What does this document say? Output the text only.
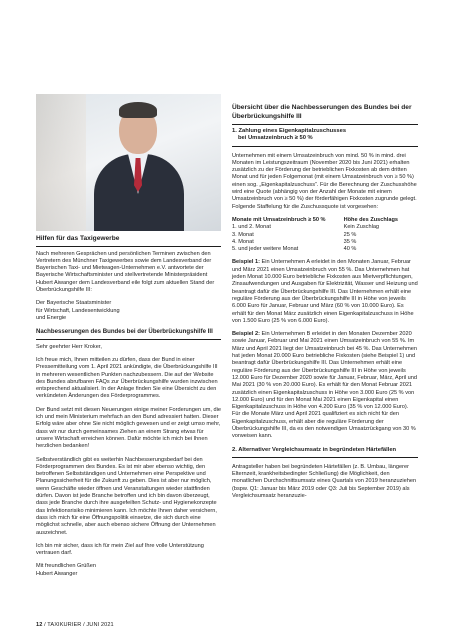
Hilfen für das Taxigewerbe

Nach mehreren Gesprächen und persönlichen Terminen zwischen den Vertretern des Münchner Taxigewerbes sowie dem Landesverband der Bayerischen Taxi- und Mietwagen-Unternehmen e.V. antwortete der Bayerische Wirtschaftsminister und stellvertretende Ministerpräsident Hubert Aiwanger dem Landesverband eile folgt zum aktuellen Stand der Überbrückungshilfe III:

Der Bayerische Staatsminister
für Wirtschaft, Landesentwicklung
und Energie

Nachbesserungen des Bundes bei der Überbrückungshilfe III

Sehr geehrter Herr Kroker,

Ich freue mich, Ihnen mitteilen zu dürfen, dass der Bund in einer Pressemitteilung vom 1. April 2021 ankündigte, die Überbrückungshilfe III in mehreren wesentlichen Punkten nachzubessern. Die auf der Website des Bundes abrufbaren FAQs zur Überbrückungshilfe wurden inzwischen entsprechend aktualisiert. In der Anlage finden Sie eine Übersicht zu den verkündeten Änderungen des Förderprogrammes.

Der Bund setzt mit diesen Neuerungen einige meiner Forderungen um, die ich und mein Ministerium mehrfach an den Bund adressiert hatten. Dieser Erfolg wäre aber ohne Sie nicht möglich gewesen und er zeigt umso mehr, dass wir nur durch gemeinsames Ziehen an einem Strang etwas für unsere Wirtschaft erreichen können. Dafür möchte ich mich bei Ihnen herzlichen bedanken!

Selbstverständlich gibt es weiterhin Nachbesserungsbedarf bei den Förderprogrammen des Bundes. Es ist mir aber ebenso wichtig, den betroffenen Selbstständigen und Unternehmen eine Perspektive und Planungssicherheit für die Zukunft zu geben. Dies ist aber nur möglich, wenn Geschäfte wieder öffnen und Veranstaltungen wieder stattfinden dürfen. Davon ist jede Branche betroffen und ich bin davon überzeugt, dass jede Branche durch ihre ausgefeilten Schutz- und Hygienekonzepte das Infektionsrisiko minimieren kann. Ich möchte Ihnen daher versichern, dass ich mich für eine Öffnungspolitik einsetze, die sich durch eine möglichst schnelle, aber auch ebenso sichere Öffnung der Unternehmen auszeichnet.

Ich bin mir sicher, dass ich für mein Ziel auf Ihre volle Unterstützung vertrauen darf.

Mit freundlichen Grüßen
Hubert Aiwanger

Übersicht über die Nachbesserungen des Bundes bei der Überbrückungshilfe III
1. Zahlung eines Eigenkapitalzuschusses
bei Umsatzeinbruch ≥ 50 %

Unternehmen mit einem Umsatzeinbruch von mind. 50 % in mind. drei Monaten im Leistungszeitraum (November 2020 bis Juni 2021) erhalten zusätzlich zu der Förderung der betrieblichen Fixkosten ab dem dritten Monat und für jeden Folgemonat (mit einem Umsatzeinbruch von ≥ 50 %) einen sog. „Eigenkapitalzuschuss“. Für die Berechnung der Zuschusshöhe wird eine Quote (abhängig von der Anzahl der Monate mit einem Umsatzeinbruch von ≥ 50 %) der förderfähigen Fixkosten zugrunde gelegt. Folgende Staffelung für die Zuschussquote ist vorgesehen:

Monate mit Umsatzeinbruch ≥ 50 %	Höhe des Zuschlags
1. und 2. Monat	Kein Zuschlag
3. Monat	25 %
4. Monat	35 %
5. und jeder weitere Monat	40 %

Beispiel 1: Ein Unternehmen A erleidet in den Monaten Januar, Februar und März 2021 einen Umsatzeinbruch von 55 %. Das Unternehmen hat jeden Monat 10.000 Euro betriebliche Fixkosten aus Mietverpflichtungen, Zinsaufwendungen und Ausgaben für Elektrizität, Wasser und Heizung und beantragt dafür die Überbrückungshilfe III. Das Unternehmen erhält eine reguläre Förderung aus der Überbrückungshilfe III in Höhe von jeweils 6.000 Euro für Januar, Februar und März (60 % von 10.000 Euro). Es erhält für den Monat März zusätzlich einen Eigenkapitalzuschuss in Höhe von 1.500 Euro (25 % von 6.000 Euro).

Beispiel 2: Ein Unternehmen B erleidet in den Monaten Dezember 2020 sowie Januar, Februar und Mai 2021 einen Umsatzeinbruch von 55 %. Im März und April 2021 liegt der Umsatzeinbruch bei 45 %. Das Unternehmen hat jeden Monat 20.000 Euro betriebliche Fixkosten (siehe Beispiel 1) und beantragt dafür Überbrückungshilfe III. Das Unternehmen erhält eine reguläre Förderung aus der Überbrückungshilfe III in Höhe von jeweils 12.000 Euro für Dezember 2020 sowie für Januar, Februar, März, April und Mai 2021 (30 % von 20.000 Euro). Es erhält für den Monat Februar 2021 zusätzlich einen Eigenkapitalzuschuss in Höhe von 3.000 Euro (25 % von 12.000 Euro) und für den Monat Mai 2021 einen Eigenkapital einen Eigenkapitalzuschuss in Höhe von 4.200 Euro (35 % von 12.000 Euro). Für die Monate März und April 2021 qualifiziert es sich nicht für den Eigenkapitalzuschuss, erhält aber die reguläre Förderung der Überbrückungshilfe III, da es den notwendigen Umsatzrückgang von 30 % vorweisen kann.

2. Alternativer Vergleichsumsatz in begründeten Härtefällen

Antragsteller haben bei begründeten Härtefällen (z. B. Umbau, längerer Elternzeit, krankheitsbedingter Schließung) die Möglichkeit, den monatlichen Durchschnittsumsatz eines Quartals von 2019 heranzuziehen (bspw. Q1: Januar bis März 2019 oder Q3: Juli bis September 2019) als Vergleichsumsatz heranzuzie-

12 / TAXIKURIER / JUNI 2021
